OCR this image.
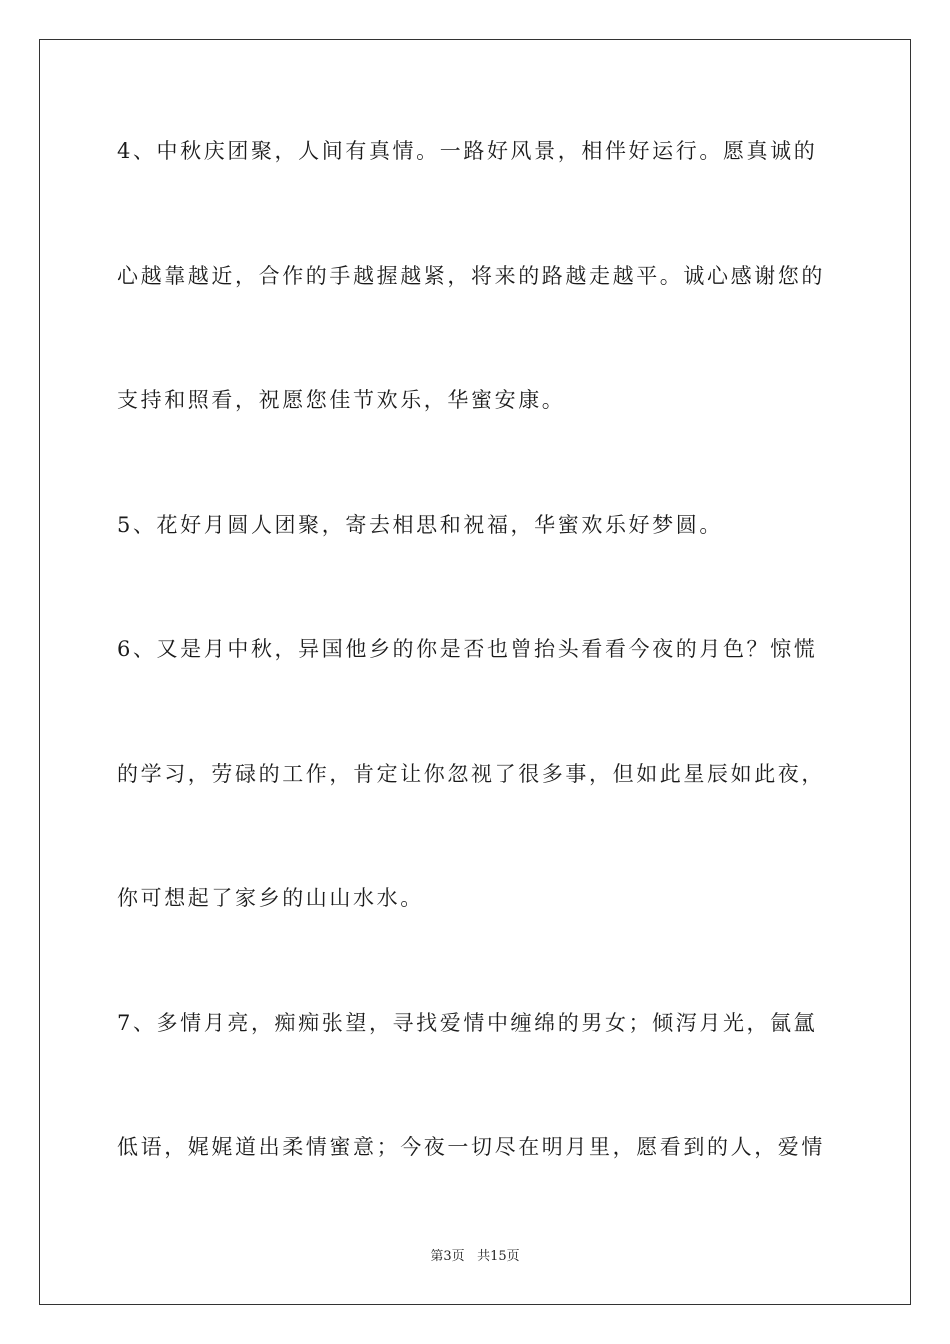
4、中秋庆团聚，人间有真情。一路好风景，相伴好运行。愿真诚的
心越靠越近，合作的手越握越紧，将来的路越走越平。诚心感谢您的
支持和照看，祝愿您佳节欢乐，华蜜安康。
5、花好月圆人团聚，寄去相思和祝福，华蜜欢乐好梦圆。
6、又是月中秋，异国他乡的你是否也曾抬头看看今夜的月色？惊慌
的学习，劳碌的工作，肯定让你忽视了很多事，但如此星辰如此夜，
你可想起了家乡的山山水水。
7、多情月亮，痴痴张望，寻找爱情中缠绵的男女；倾泻月光，氤氲
低语，娓娓道出柔情蜜意；今夜一切尽在明月里，愿看到的人，爱情
第3页 共15页
